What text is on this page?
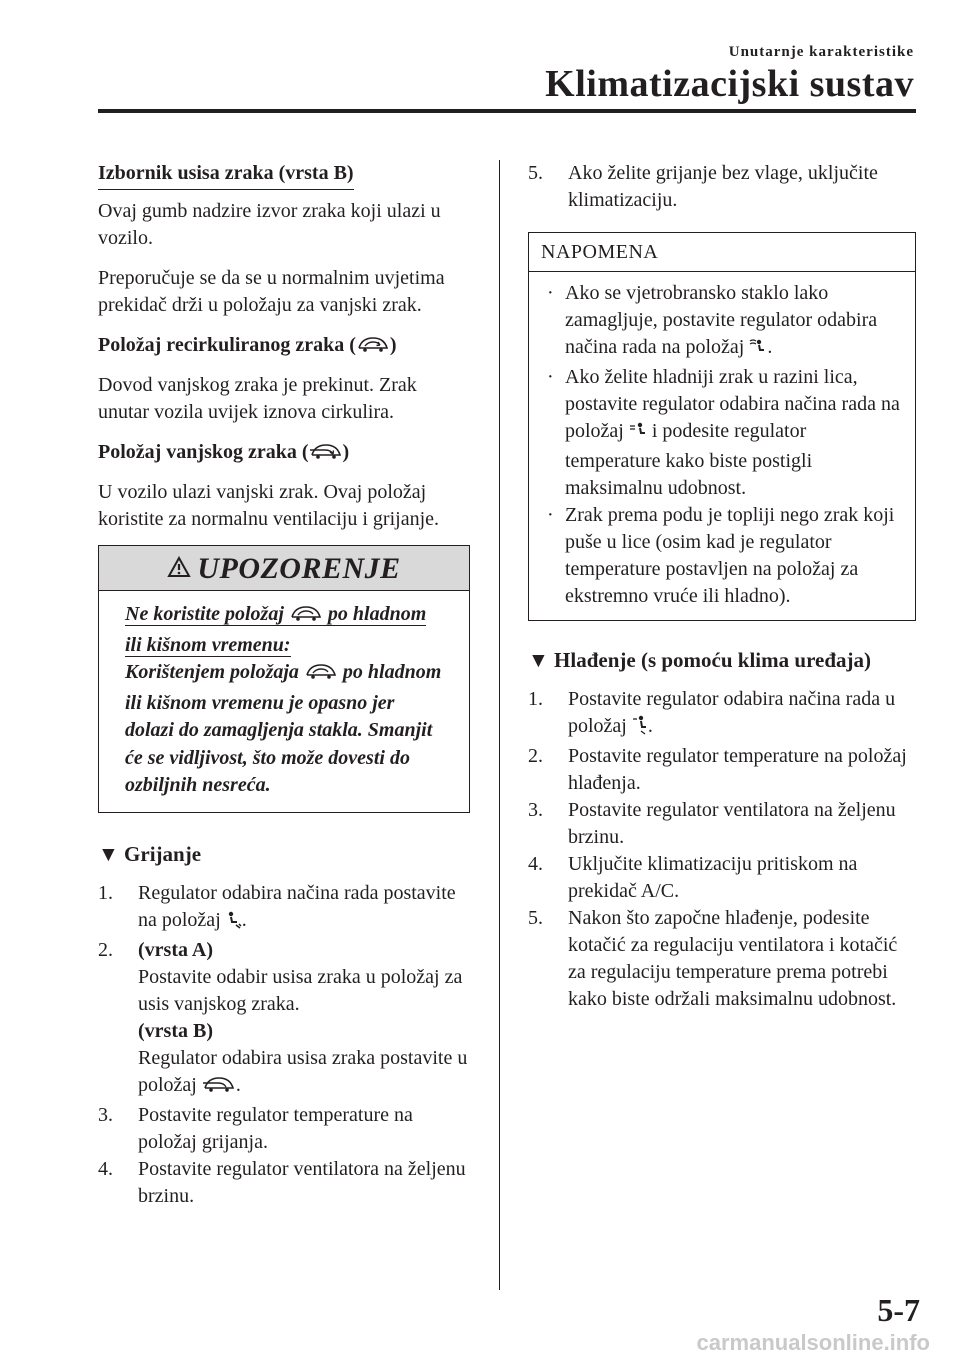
Unutarnje karakteristike
Klimatizacijski sustav
Izbornik usisa zraka (vrsta B)

Ovaj gumb nadzire izvor zraka koji ulazi u vozilo.

Preporučuje se da se u normalnim uvjetima prekidač drži u položaju za vanjski zrak.

Položaj recirkuliranog zraka ( )

Dovod vanjskog zraka je prekinut. Zrak unutar vozila uvijek iznova cirkulira.

Položaj vanjskog zraka ( )

U vozilo ulazi vanjski zrak. Ovaj položaj koristite za normalnu ventilaciju i grijanje.

UPOZORENJE
Ne koristite položaj  po hladnom ili kišnom vremenu:
Korištenjem položaja  po hladnom ili kišnom vremenu je opasno jer dolazi do zamagljenja stakla. Smanjit će se vidljivost, što može dovesti do ozbiljnih nesreća.
▼ Grijanje
1. Regulator odabira načina rada postavite na položaj .
2. (vrsta A)
Postavite odabir usisa zraka u položaj za usis vanjskog zraka.
(vrsta B)
Regulator odabira usisa zraka postavite u položaj .
3. Postavite regulator temperature na položaj grijanja.
4. Postavite regulator ventilatora na željenu brzinu.
5. Ako želite grijanje bez vlage, uključite klimatizaciju.
NAPOMENA
· Ako se vjetrobransko staklo lako zamagljuje, postavite regulator odabira načina rada na položaj .
· Ako želite hladniji zrak u razini lica, postavite regulator odabira načina rada na položaj  i podesite regulator temperature kako biste postigli maksimalnu udobnost.
· Zrak prema podu je topliji nego zrak koji puše u lice (osim kad je regulator temperature postavljen na položaj za ekstremno vruće ili hladno).
▼ Hlađenje (s pomoću klima uređaja)
1. Postavite regulator odabira načina rada u položaj .
2. Postavite regulator temperature na položaj hlađenja.
3. Postavite regulator ventilatora na željenu brzinu.
4. Uključite klimatizaciju pritiskom na prekidač A/C.
5. Nakon što započne hlađenje, podesite kotačić za regulaciju ventilatora i kotačić za regulaciju temperature prema potrebi kako biste održali maksimalnu udobnost.
5-7
carmanualsonline.info
